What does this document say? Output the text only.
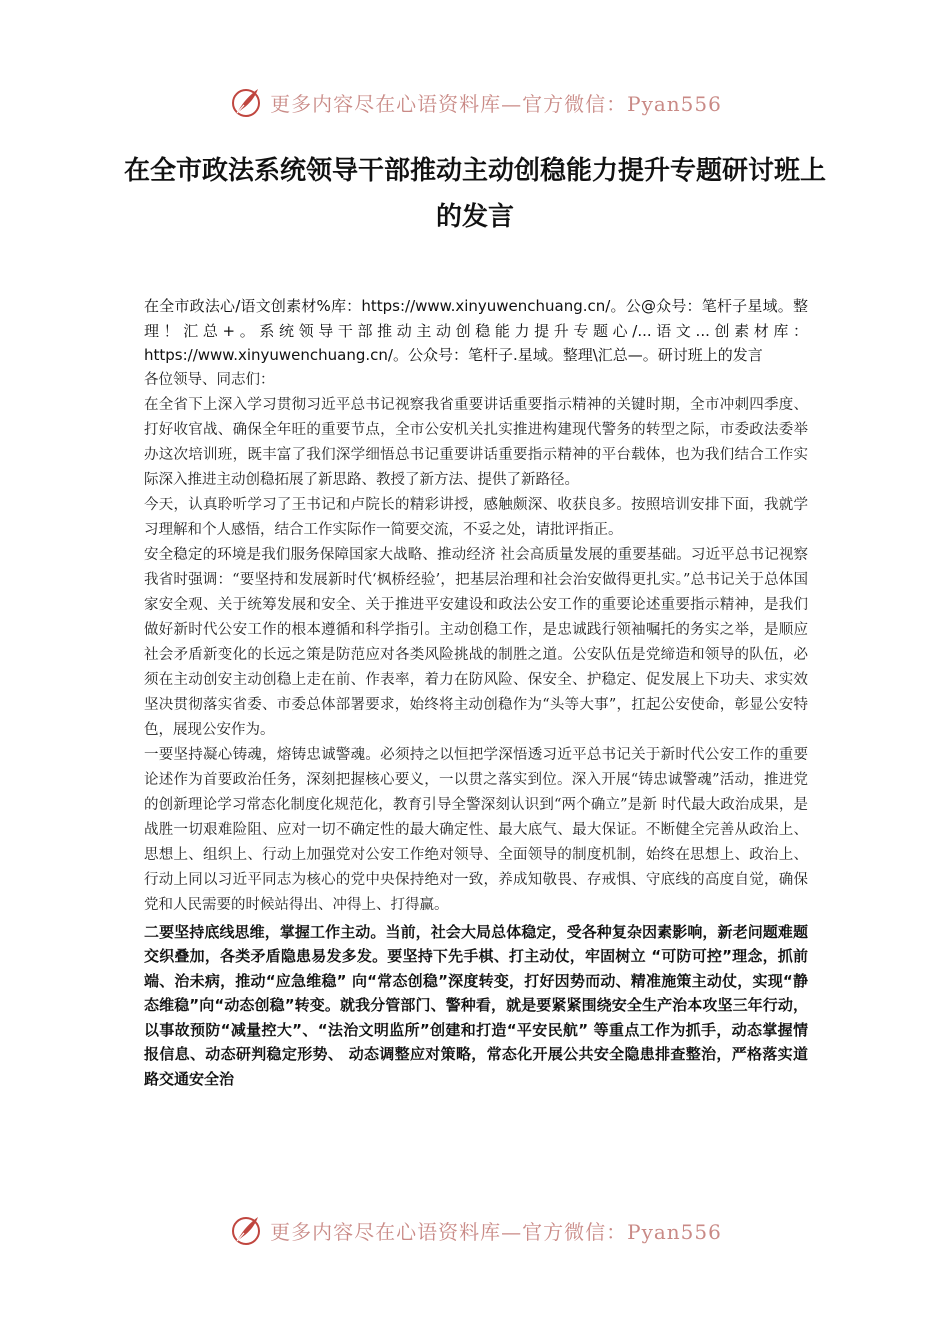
更多内容尽在心语资料库—官方微信：Pyan556
在全市政法系统领导干部推动主动创稳能力提升专题研讨班上的发言

在全市政法心/语文创素材%库：https://www.xinyuwenchuang.cn/。公@众号：笔杆子星域。整理！汇总+。系统领导干部推动主动创稳能力提升专题心/...语文...创素材库：https://www.xinyuwenchuang.cn/。公众号：笔杆子.星域。整理\汇总—。研讨班上的发言

各位领导、同志们：

在全省下上深入学习贯彻习近平总书记视察我省重要讲话重要指示精神的关键时期，全市冲刺四季度、打好收官战、确保全年旺的重要节点，全市公安机关扎实推进构建现代警务的转型之际，市委政法委举办这次培训班，既丰富了我们深学细悟总书记重要讲话重要指示精神的平台载体，也为我们结合工作实际深入推进主动创稳拓展了新思路、教授了新方法、提供了新路径。

今天，认真聆听学习了王书记和卢院长的精彩讲授，感触颇深、收获良多。按照培训安排下面，我就学习理解和个人感悟，结合工作实际作一简要交流，不妥之处，请批评指正。

安全稳定的环境是我们服务保障国家大战略、推动经济 社会高质量发展的重要基础。习近平总书记视察我省时强调：“要坚持和发展新时代‘枫桥经验’，把基层治理和社会治安做得更扎实。”总书记关于总体国家安全观、关于统筹发展和安全、关于推进平安建设和政法公安工作的重要论述重要指示精神，是我们做好新时代公安工作的根本遵循和科学指引。主动创稳工作，是忠诚践行领袖嘱托的务实之举，是顺应社会矛盾新变化的长远之策是防范应对各类风险挑战的制胜之道。公安队伍是党缔造和领导的队伍，必须在主动创安主动创稳上走在前、作表率，着力在防风险、保安全、护稳定、促发展上下功夫、求实效坚决贯彻落实省委、市委总体部署要求，始终将主动创稳作为“头等大事”，扛起公安使命，彰显公安特色，展现公安作为。

一要坚持凝心铸魂，熔铸忠诚警魂。必须持之以恒把学深悟透习近平总书记关于新时代公安工作的重要论述作为首要政治任务，深刻把握核心要义，一以贯之落实到位。深入开展“铸忠诚警魂”活动，推进党的创新理论学习常态化制度化规范化，教育引导全警深刻认识到“两个确立”是新 时代最大政治成果，是战胜一切艰难险阻、应对一切不确定性的最大确定性、最大底气、最大保证。不断健全完善从政治上、思想上、组织上、行动上加强党对公安工作绝对领导、全面领导的制度机制，始终在思想上、政治上、行动上同以习近平同志为核心的党中央保持绝对一致，养成知敬畏、存戒惧、守底线的高度自觉，确保党和人民需要的时候站得出、冲得上、打得赢。

二要坚持底线思维，掌握工作主动。当前，社会大局总体稳定，受各种复杂因素影响，新老问题难题交织叠加，各类矛盾隐患易发多发。要坚持下先手棋、打主动仗，牢固树立 “可防可控”理念，抓前端、治未病，推动“应急维稳” 向“常态创稳”深度转变，打好因势而动、精准施策主动仗，实现“静态维稳”向“动态创稳”转变。就我分管部门、警种看，就是要紧紧围绕安全生产治本攻坚三年行动，以事故预防“减量控大”、“法治文明监所”创建和打造“平安民航” 等重点工作为抓手，动态掌握情报信息、动态研判稳定形势、 动态调整应对策略，常态化开展公共安全隐患排查整治，严格落实道路交通安全治

更多内容尽在心语资料库—官方微信：Pyan556
